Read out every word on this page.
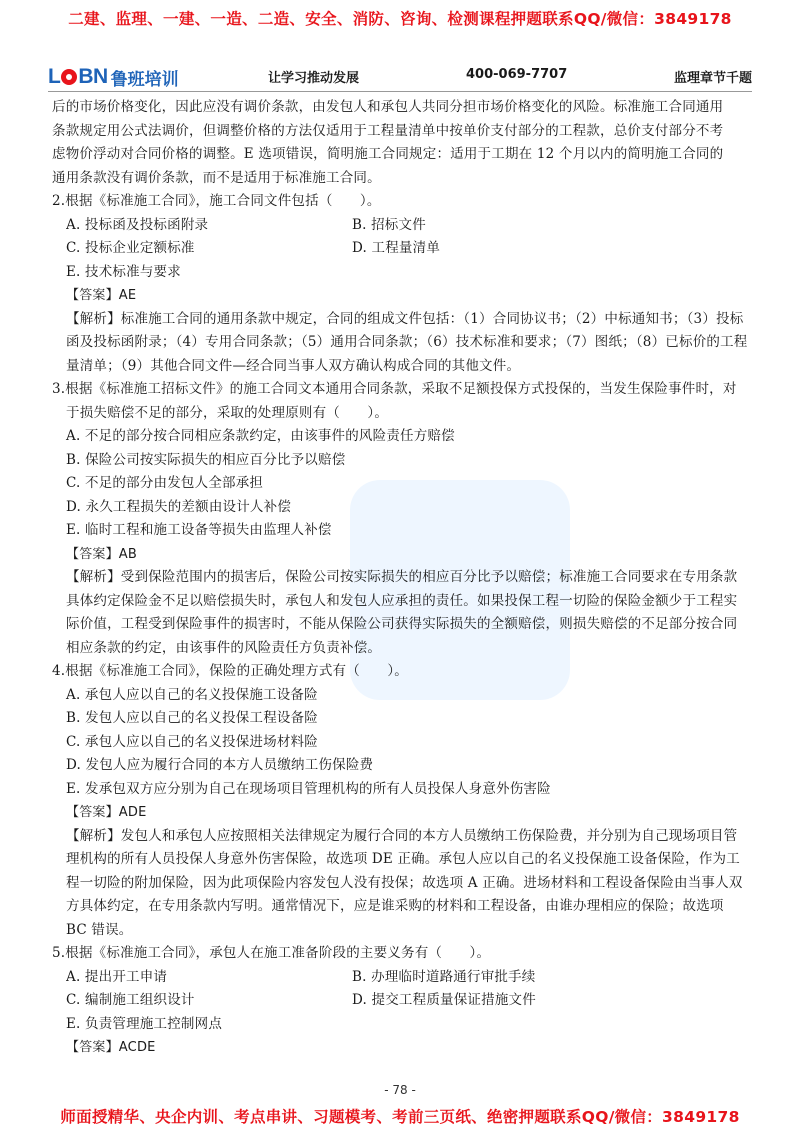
二建、监理、一建、一造、二造、安全、消防、咨询、检测课程押题联系QQ/微信：3849178
L BN 鲁班培训	让学习推动发展	400-069-7707	监理章节千题
后的市场价格变化，因此应没有调价条款，由发包人和承包人共同分担市场价格变化的风险。标准施工合同通用
条款规定用公式法调价，但调整价格的方法仅适用于工程量清单中按单价支付部分的工程款，总价支付部分不考
虑物价浮动对合同价格的调整。E 选项错误，简明施工合同规定：适用于工期在 12 个月以内的简明施工合同的
通用条款没有调价条款，而不是适用于标准施工合同。
2.根据《标准施工合同》，施工合同文件包括（　　）。
A. 投标函及投标函附录	B. 招标文件
C. 投标企业定额标准	D. 工程量清单
E. 技术标准与要求
【答案】AE
【解析】标准施工合同的通用条款中规定，合同的组成文件包括：（1）合同协议书；（2）中标通知书；（3）投标
函及投标函附录；（4）专用合同条款；（5）通用合同条款；（6）技术标准和要求；（7）图纸；（8）已标价的工程
量清单；（9）其他合同文件—经合同当事人双方确认构成合同的其他文件。
3.根据《标准施工招标文件》的施工合同文本通用合同条款，采取不足额投保方式投保的，当发生保险事件时，对
于损失赔偿不足的部分，采取的处理原则有（　　）。
A. 不足的部分按合同相应条款约定，由该事件的风险责任方赔偿
B. 保险公司按实际损失的相应百分比予以赔偿
C. 不足的部分由发包人全部承担
D. 永久工程损失的差额由设计人补偿
E. 临时工程和施工设备等损失由监理人补偿
【答案】AB
【解析】受到保险范围内的损害后，保险公司按实际损失的相应百分比予以赔偿；标准施工合同要求在专用条款
具体约定保险金不足以赔偿损失时，承包人和发包人应承担的责任。如果投保工程一切险的保险金额少于工程实
际价值，工程受到保险事件的损害时，不能从保险公司获得实际损失的全额赔偿，则损失赔偿的不足部分按合同
相应条款的约定，由该事件的风险责任方负责补偿。
4.根据《标准施工合同》，保险的正确处理方式有（　　）。
A. 承包人应以自己的名义投保施工设备险
B. 发包人应以自己的名义投保工程设备险
C. 承包人应以自己的名义投保进场材料险
D. 发包人应为履行合同的本方人员缴纳工伤保险费
E. 发承包双方应分别为自己在现场项目管理机构的所有人员投保人身意外伤害险
【答案】ADE
【解析】发包人和承包人应按照相关法律规定为履行合同的本方人员缴纳工伤保险费，并分别为自己现场项目管
理机构的所有人员投保人身意外伤害保险，故选项 DE 正确。承包人应以自己的名义投保施工设备保险，作为工
程一切险的附加保险，因为此项保险内容发包人没有投保；故选项 A 正确。进场材料和工程设备保险由当事人双
方具体约定，在专用条款内写明。通常情况下，应是谁采购的材料和工程设备，由谁办理相应的保险；故选项
BC 错误。
5.根据《标准施工合同》，承包人在施工准备阶段的主要义务有（　　）。
A. 提出开工申请	B. 办理临时道路通行审批手续
C. 编制施工组织设计	D. 提交工程质量保证措施文件
E. 负责管理施工控制网点
【答案】ACDE
- 78 -
师面授精华、央企内训、考点串讲、习题模考、考前三页纸、绝密押题联系QQ/微信：3849178
